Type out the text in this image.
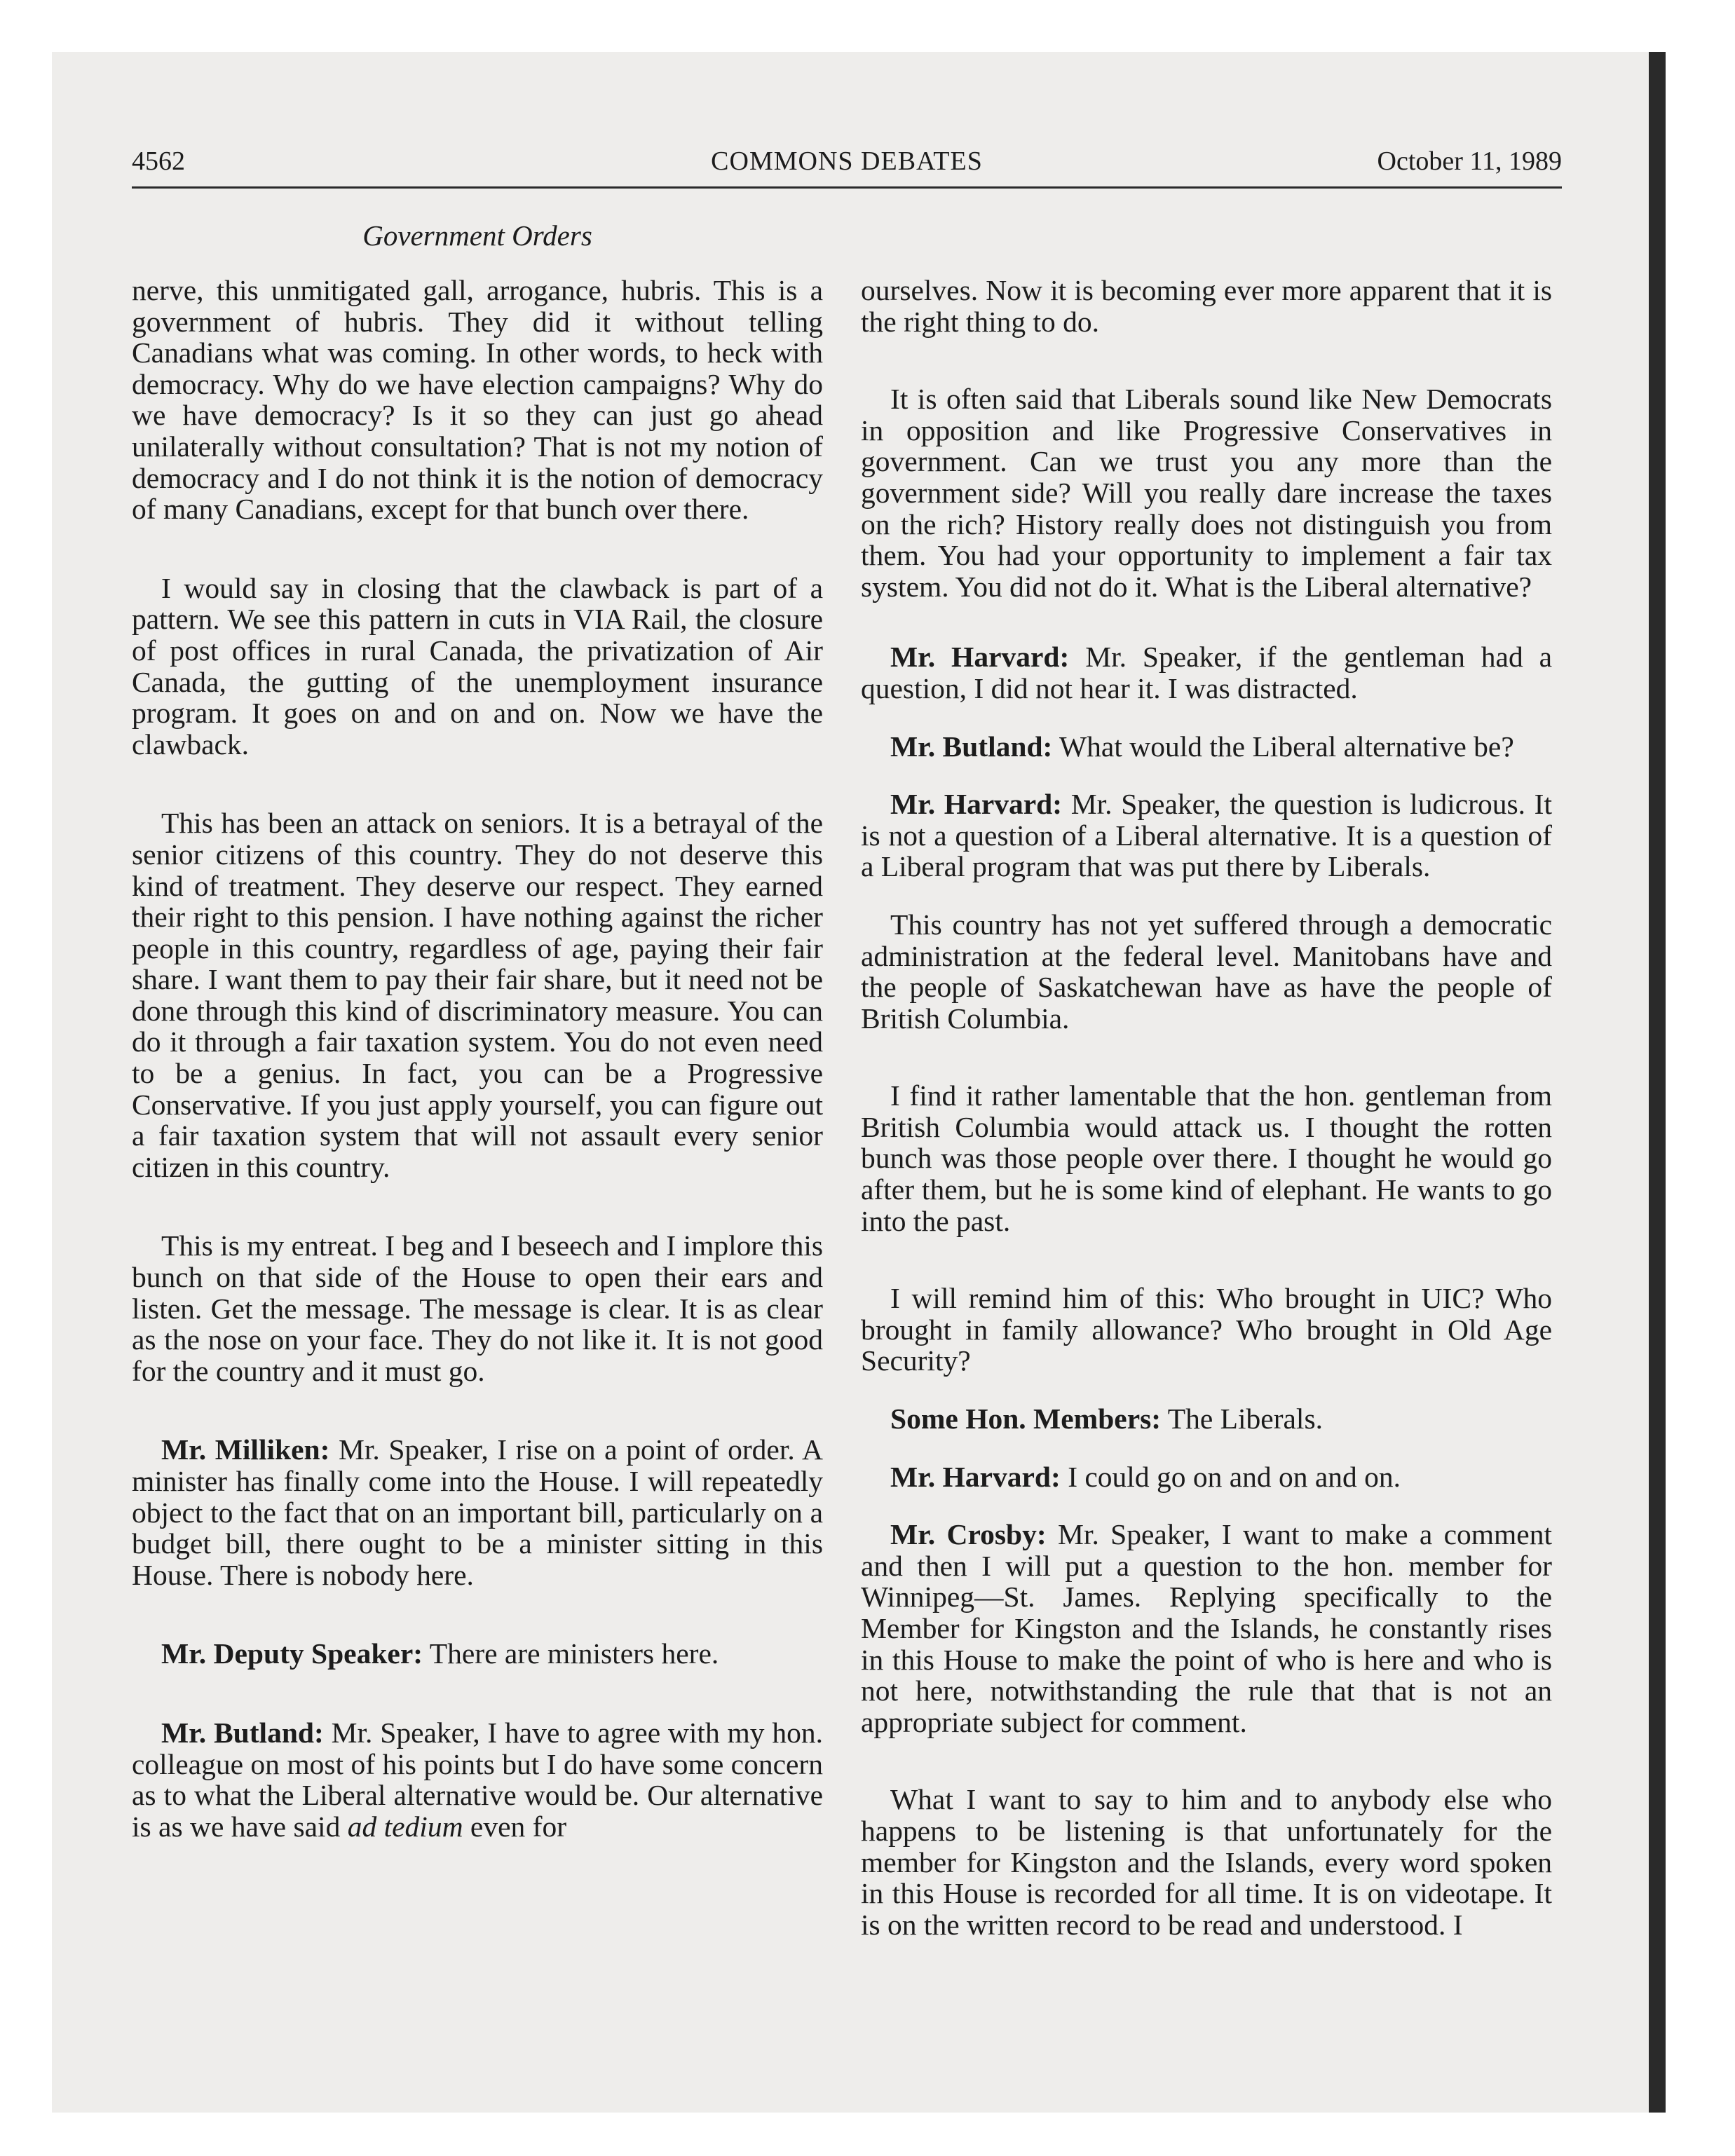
4562	COMMONS DEBATES	October 11, 1989
Government Orders

nerve, this unmitigated gall, arrogance, hubris. This is a government of hubris. They did it without telling Canadians what was coming. In other words, to heck with democracy. Why do we have election campaigns? Why do we have democracy? Is it so they can just go ahead unilaterally without consultation? That is not my notion of democracy and I do not think it is the notion of democracy of many Canadians, except for that bunch over there.

I would say in closing that the clawback is part of a pattern. We see this pattern in cuts in VIA Rail, the closure of post offices in rural Canada, the privatization of Air Canada, the gutting of the unemployment insurance program. It goes on and on and on. Now we have the clawback.

This has been an attack on seniors. It is a betrayal of the senior citizens of this country. They do not deserve this kind of treatment. They deserve our respect. They earned their right to this pension. I have nothing against the richer people in this country, regardless of age, paying their fair share. I want them to pay their fair share, but it need not be done through this kind of discriminatory measure. You can do it through a fair taxation system. You do not even need to be a genius. In fact, you can be a Progressive Conservative. If you just apply yourself, you can figure out a fair taxation system that will not assault every senior citizen in this country.

This is my entreat. I beg and I beseech and I implore this bunch on that side of the House to open their ears and listen. Get the message. The message is clear. It is as clear as the nose on your face. They do not like it. It is not good for the country and it must go.

Mr. Milliken: Mr. Speaker, I rise on a point of order. A minister has finally come into the House. I will repeatedly object to the fact that on an important bill, particularly on a budget bill, there ought to be a minister sitting in this House. There is nobody here.

Mr. Deputy Speaker: There are ministers here.

Mr. Butland: Mr. Speaker, I have to agree with my hon. colleague on most of his points but I do have some concern as to what the Liberal alternative would be. Our alternative is as we have said ad tedium even for

ourselves. Now it is becoming ever more apparent that it is the right thing to do.

It is often said that Liberals sound like New Democrats in opposition and like Progressive Conservatives in government. Can we trust you any more than the government side? Will you really dare increase the taxes on the rich? History really does not distinguish you from them. You had your opportunity to implement a fair tax system. You did not do it. What is the Liberal alternative?

Mr. Harvard: Mr. Speaker, if the gentleman had a question, I did not hear it. I was distracted.

Mr. Butland: What would the Liberal alternative be?

Mr. Harvard: Mr. Speaker, the question is ludicrous. It is not a question of a Liberal alternative. It is a question of a Liberal program that was put there by Liberals.

This country has not yet suffered through a democratic administration at the federal level. Manitobans have and the people of Saskatchewan have as have the people of British Columbia.

I find it rather lamentable that the hon. gentleman from British Columbia would attack us. I thought the rotten bunch was those people over there. I thought he would go after them, but he is some kind of elephant. He wants to go into the past.

I will remind him of this: Who brought in UIC? Who brought in family allowance? Who brought in Old Age Security?

Some Hon. Members: The Liberals.

Mr. Harvard: I could go on and on and on.

Mr. Crosby: Mr. Speaker, I want to make a comment and then I will put a question to the hon. member for Winnipeg—St. James. Replying specifically to the Member for Kingston and the Islands, he constantly rises in this House to make the point of who is here and who is not here, notwithstanding the rule that that is not an appropriate subject for comment.

What I want to say to him and to anybody else who happens to be listening is that unfortunately for the member for Kingston and the Islands, every word spoken in this House is recorded for all time. It is on videotape. It is on the written record to be read and understood. I
